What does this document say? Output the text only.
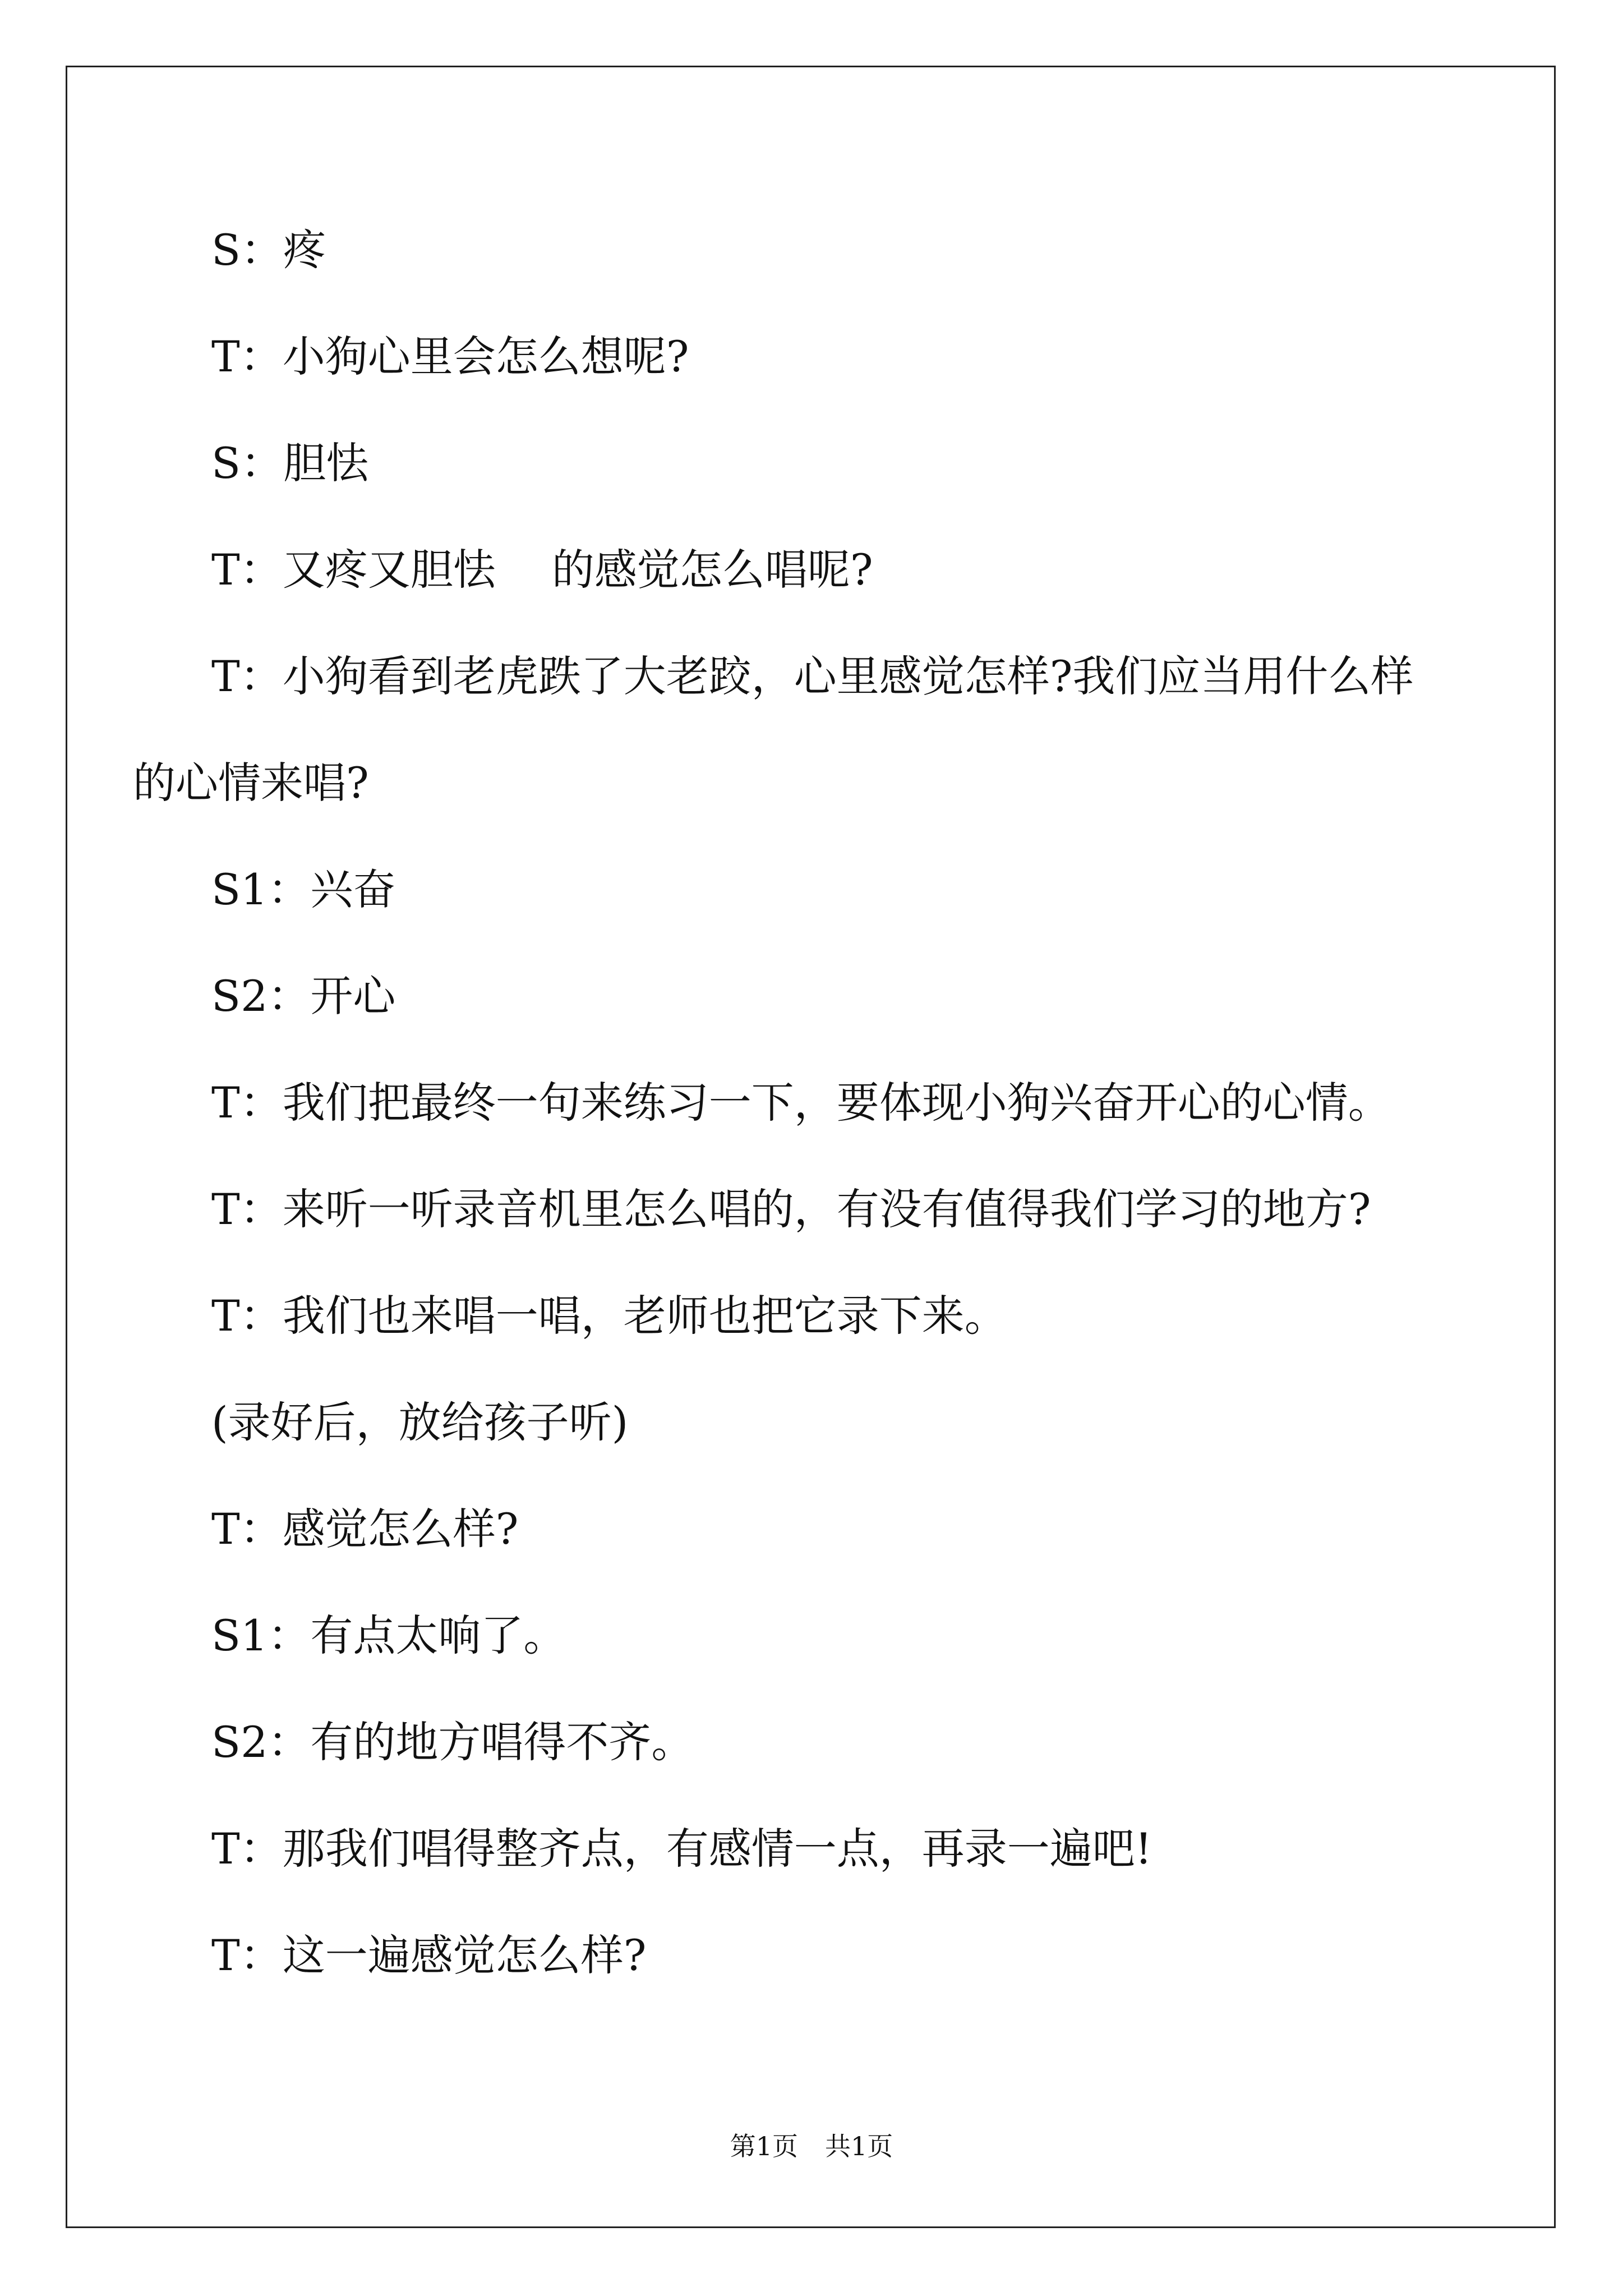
S：疼
T：小狗心里会怎么想呢?
S：胆怯
T：又疼又胆怯　 的感觉怎么唱呢?
T：小狗看到老虎跌了大老跤，心里感觉怎样?我们应当用什么样
的心情来唱?
S1：兴奋
S2：开心
T：我们把最终一句来练习一下，要体现小狗兴奋开心的心情。
T：来听一听录音机里怎么唱的，有没有值得我们学习的地方?
T：我们也来唱一唱，老师也把它录下来。
(录好后，放给孩子听)
T：感觉怎么样?
S1：有点太响了。
S2：有的地方唱得不齐。
T：那我们唱得整齐点，有感情一点，再录一遍吧!
T：这一遍感觉怎么样?
第1页 共1页
